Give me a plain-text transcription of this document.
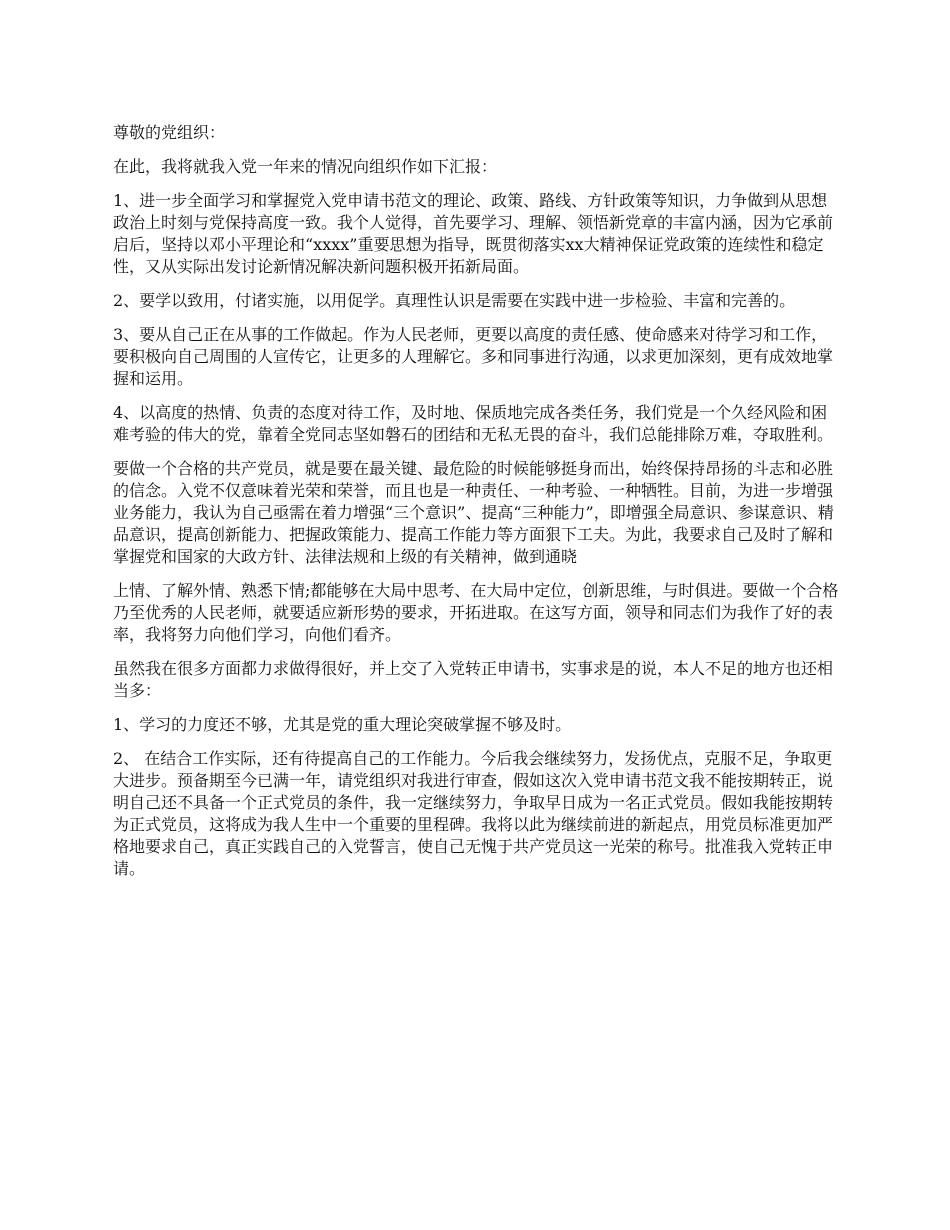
尊敬的党组织：

在此，我将就我入党一年来的情况向组织作如下汇报：

1、进一步全面学习和掌握党入党申请书范文的理论、政策、路线、方针政策等知识，力争做到从思想政治上时刻与党保持高度一致。我个人觉得，首先要学习、理解、领悟新党章的丰富内涵，因为它承前启后，坚持以邓小平理论和“xxxx”重要思想为指导，既贯彻落实xx大精神保证党政策的连续性和稳定性，又从实际出发讨论新情况解决新问题积极开拓新局面。

2、要学以致用，付诸实施，以用促学。真理性认识是需要在实践中进一步检验、丰富和完善的。

3、要从自己正在从事的工作做起。作为人民老师，更要以高度的责任感、使命感来对待学习和工作，要积极向自己周围的人宣传它，让更多的人理解它。多和同事进行沟通，以求更加深刻，更有成效地掌握和运用。

4、以高度的热情、负责的态度对待工作，及时地、保质地完成各类任务，我们党是一个久经风险和困难考验的伟大的党，靠着全党同志坚如磐石的团结和无私无畏的奋斗，我们总能排除万难，夺取胜利。

要做一个合格的共产党员，就是要在最关键、最危险的时候能够挺身而出，始终保持昂扬的斗志和必胜的信念。入党不仅意味着光荣和荣誉，而且也是一种责任、一种考验、一种牺牲。目前，为进一步增强业务能力，我认为自己亟需在着力增强“三个意识”、提高“三种能力”，即增强全局意识、参谋意识、精品意识，提高创新能力、把握政策能力、提高工作能力等方面狠下工夫。为此，我要求自己及时了解和掌握党和国家的大政方针、法律法规和上级的有关精神，做到通晓

上情、了解外情、熟悉下情;都能够在大局中思考、在大局中定位，创新思维，与时俱进。要做一个合格乃至优秀的人民老师，就要适应新形势的要求，开拓进取。在这写方面，领导和同志们为我作了好的表率，我将努力向他们学习，向他们看齐。

虽然我在很多方面都力求做得很好，并上交了入党转正申请书，实事求是的说，本人不足的地方也还相当多：

1、学习的力度还不够，尤其是党的重大理论突破掌握不够及时。

2、 在结合工作实际，还有待提高自己的工作能力。今后我会继续努力，发扬优点，克服不足，争取更大进步。预备期至今已满一年，请党组织对我进行审查，假如这次入党申请书范文我不能按期转正，说明自己还不具备一个正式党员的条件，我一定继续努力，争取早日成为一名正式党员。假如我能按期转为正式党员，这将成为我人生中一个重要的里程碑。我将以此为继续前进的新起点，用党员标准更加严格地要求自己，真正实践自己的入党誓言，使自己无愧于共产党员这一光荣的称号。批准我入党转正申请。
